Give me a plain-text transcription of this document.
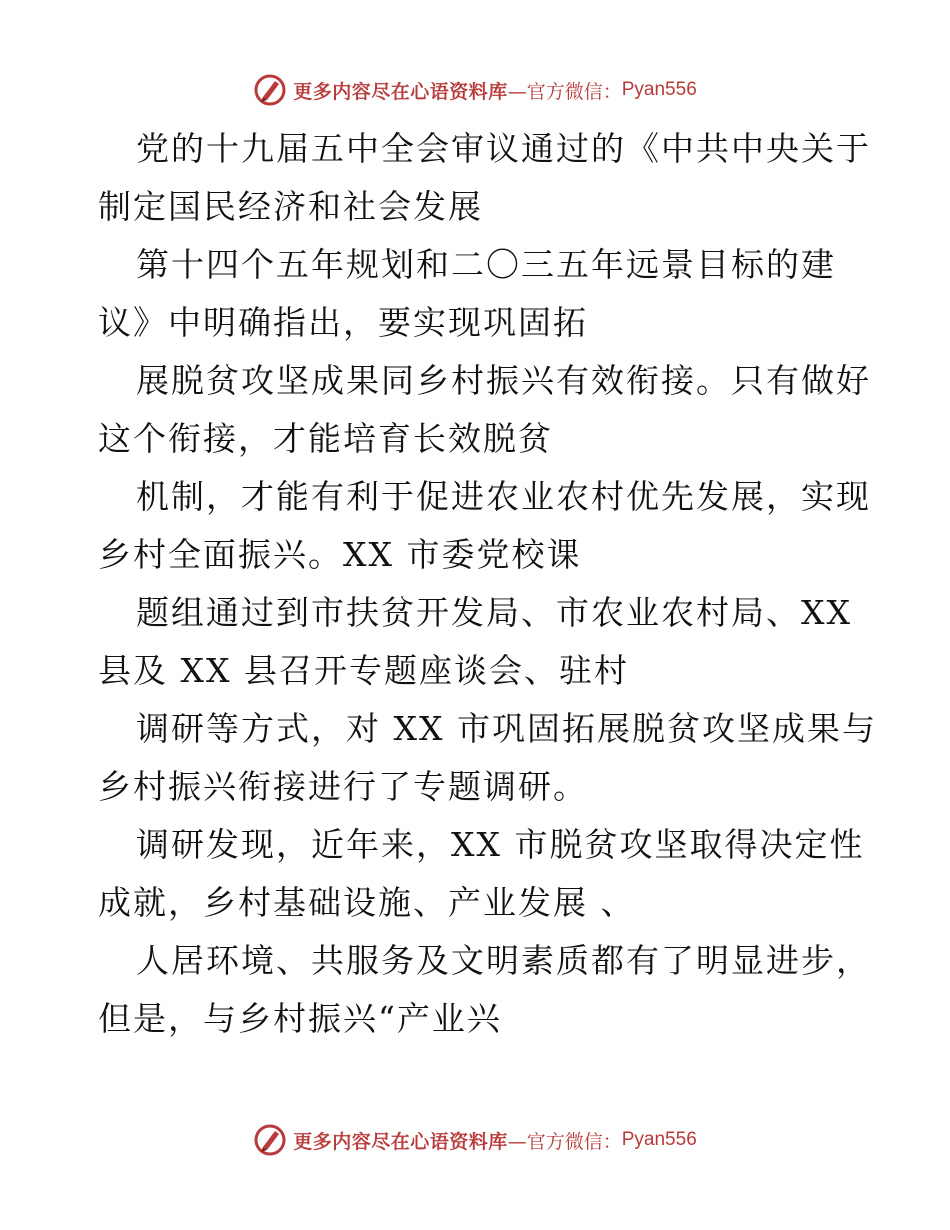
更多内容尽在心语资料库 —官方微信： Pyan556

党的十九届五中全会审议通过的《中共中央关于
制定国民经济和社会发展

第十四个五年规划和二〇三五年远景目标的建
议》中明确指出，要实现巩固拓

展脱贫攻坚成果同乡村振兴有效衔接。只有做好
这个衔接，才能培育长效脱贫

机制，才能有利于促进农业农村优先发展，实现
乡村全面振兴。XX 市委党校课

题组通过到市扶贫开发局、市农业农村局、XX
县及 XX 县召开专题座谈会、驻村

调研等方式，对 XX 市巩固拓展脱贫攻坚成果与
乡村振兴衔接进行了专题调研。

调研发现，近年来，XX 市脱贫攻坚取得决定性
成就，乡村基础设施、产业发展 、

人居环境、共服务及文明素质都有了明显进步，
但是，与乡村振兴“产业兴

更多内容尽在心语资料库 —官方微信： Pyan556
